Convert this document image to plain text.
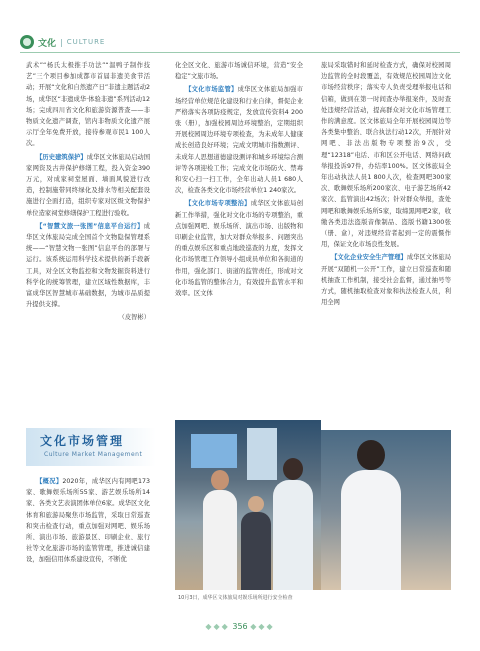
文化 | CULTURE

武术”“杨氏太极推手功法”“温鸭子制作技艺”三个项目参加成都市首届非遗美食节活动；开展“文化和自然遗产日”非遗主题活动2场，成华区“非遗成华·体验非遗”系列活动12场；完成四川省文化和旅游资源普查——非物质文化遗产调查，馆内非物质文化遗产展示厅全年免费开放，接待参观市民1 100人次。

【历史建筑保护】成华区文体旅局启动国家网资及古井保护修缮工程，投入资金390万元，对成家祠堂屋面、墙面风貌进行改造，控制施带同终绿化及排水等相关配套设施进行全面打造，组织专家对区级文物保护单位造家祠堂修缮保护工程进行验收。

【“智慧文旅一张图”信息平台运行】成华区文体旅局完成全国首个文物隐保管理系统——“智慧文物一张图”信息平台的部署与运行。该系统运用科学技术提供的新手段新工具，对全区文物监控和文物发掘资料进行科学化的统筹管理，建立区域性数据库，丰富成华区智慧城市基础数据，为城市品质提升提供支撑。

（皮智彬）

文化市场管理
Culture Market Management

【概况】2020年，成华区内有网吧173家、歌舞娱乐场所55家、游艺娱乐场所14家、各类文艺表演团体单位6家。成华区文化体育和旅游局聚焦市场监管，采取日常巡查和突击检查行动，重点加强对网吧、娱乐场所、演出市场、旅游景区、印刷企业、旅行社等文化旅游市场的监管管理，推进诚信建设，加强信用体系建设宣传，不断优

化全区文化、旅游市场诚信环境，营造“安全稳定”文旅市场。

【文化市场监管】成华区文体旅局加强市场经营单位规范化建设和行业自律，督促企业严格落实各项防疫规定，发放宣传资料4 200张（册），加强校园周边环境整治，定期组织开展校园周边环境专项检查，为未成年人健康成长创造良好环境；完成文明城市指数测评、未成年人思想道德建设测评和城乡环境综合测评等各项迎检工作；完成文化市场防火、禁毒和安心扫一扫工作，全年出动人员1 680人次，检查各类文化市场经营单位1 240家次。

【文化市场专项整治】成华区文体旅局创新工作举措，强化对文化市场的专项整治，重点加强网吧、娱乐场所、演出市场、出版物和印刷企业监管，加大对群众举报多、问题突出的重点娱乐区和重点地段巡查的力度，发挥文化市场管理工作领导小组成员单位和各街道的作用，强化部门、街道的监管责任，形成对文化市场监管的整体合力，有效提升监管水平和效率。区文体

旅局采取错时和延时检查方式，确保对校园周边监管的全时段覆盖，有效规范校园周边文化市场经营秩序；落实专人负责受理举报电话和信箱，做到在第一时间查办举报案件，及时查处违规经营活动，提高群众对文化市场管理工作的满意度。区文体旅局全年开展校园周边等各类集中整治、联合执法行动12次，开展针对网吧、非法出版物专项整治9次，受理“12318”电话、市和区公开电话、网络问政举报投诉97件，办结率100%。区文体旅局全年出动执法人员1 800人次，检查网吧300家次、歌舞娱乐场所200家次、电子游艺场所42家次、监管演出42场次；针对群众举报，查处网吧和歌舞娱乐场所5家，取缔黑网吧2家，收缴各类违法盗版音像制品、盗版书籍1300张（册、盒），对违规经营者起到一定的震慑作用，保证文化市场良性发展。

【文化企业安全生产管理】成华区文体旅局开展“双随机一公开”工作，建立日常巡查和随机抽查工作机制，接受社会监督，通过抽号等方式，随机抽取检查对象和执法检查人员，利用全网

10月3日，成华区文体旅局对娱乐场所进行安全检查
◆◆◆ 356 ◆◆◆
